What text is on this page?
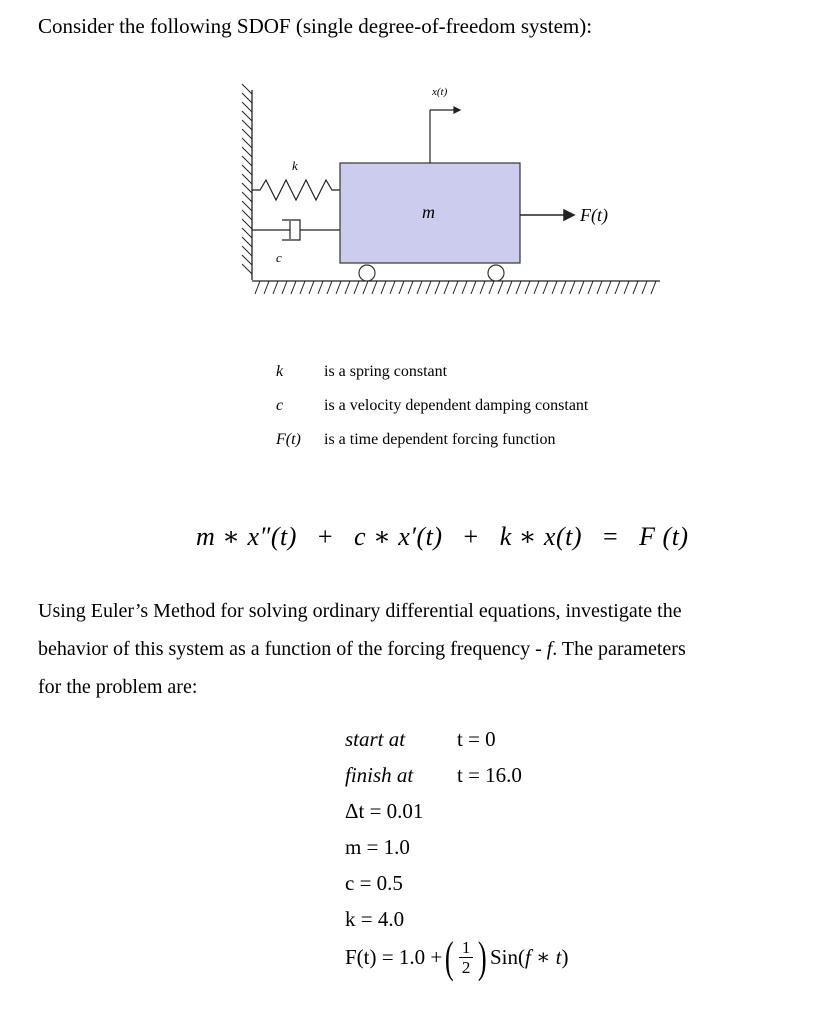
Consider the following SDOF (single degree-of-freedom system):
k
c
m
x(t)
F(t)
k	is a spring constant
c	is a velocity dependent damping constant
F(t) is a time dependent forcing function
m ∗ x″(t) + c ∗ x′(t) + k ∗ x(t) = F (t)
Using Euler’s Method for solving ordinary differential equations, investigate the
behavior of this system as a function of the forcing frequency - f. The parameters
for the problem are:
start at t = 0
finish at t = 16.0
Δt = 0.01
m = 1.0
c = 0.5
k = 4.0
F(t) = 1.0 + ( $\frac{1}{2}$ ) Sin( f ∗ t )
